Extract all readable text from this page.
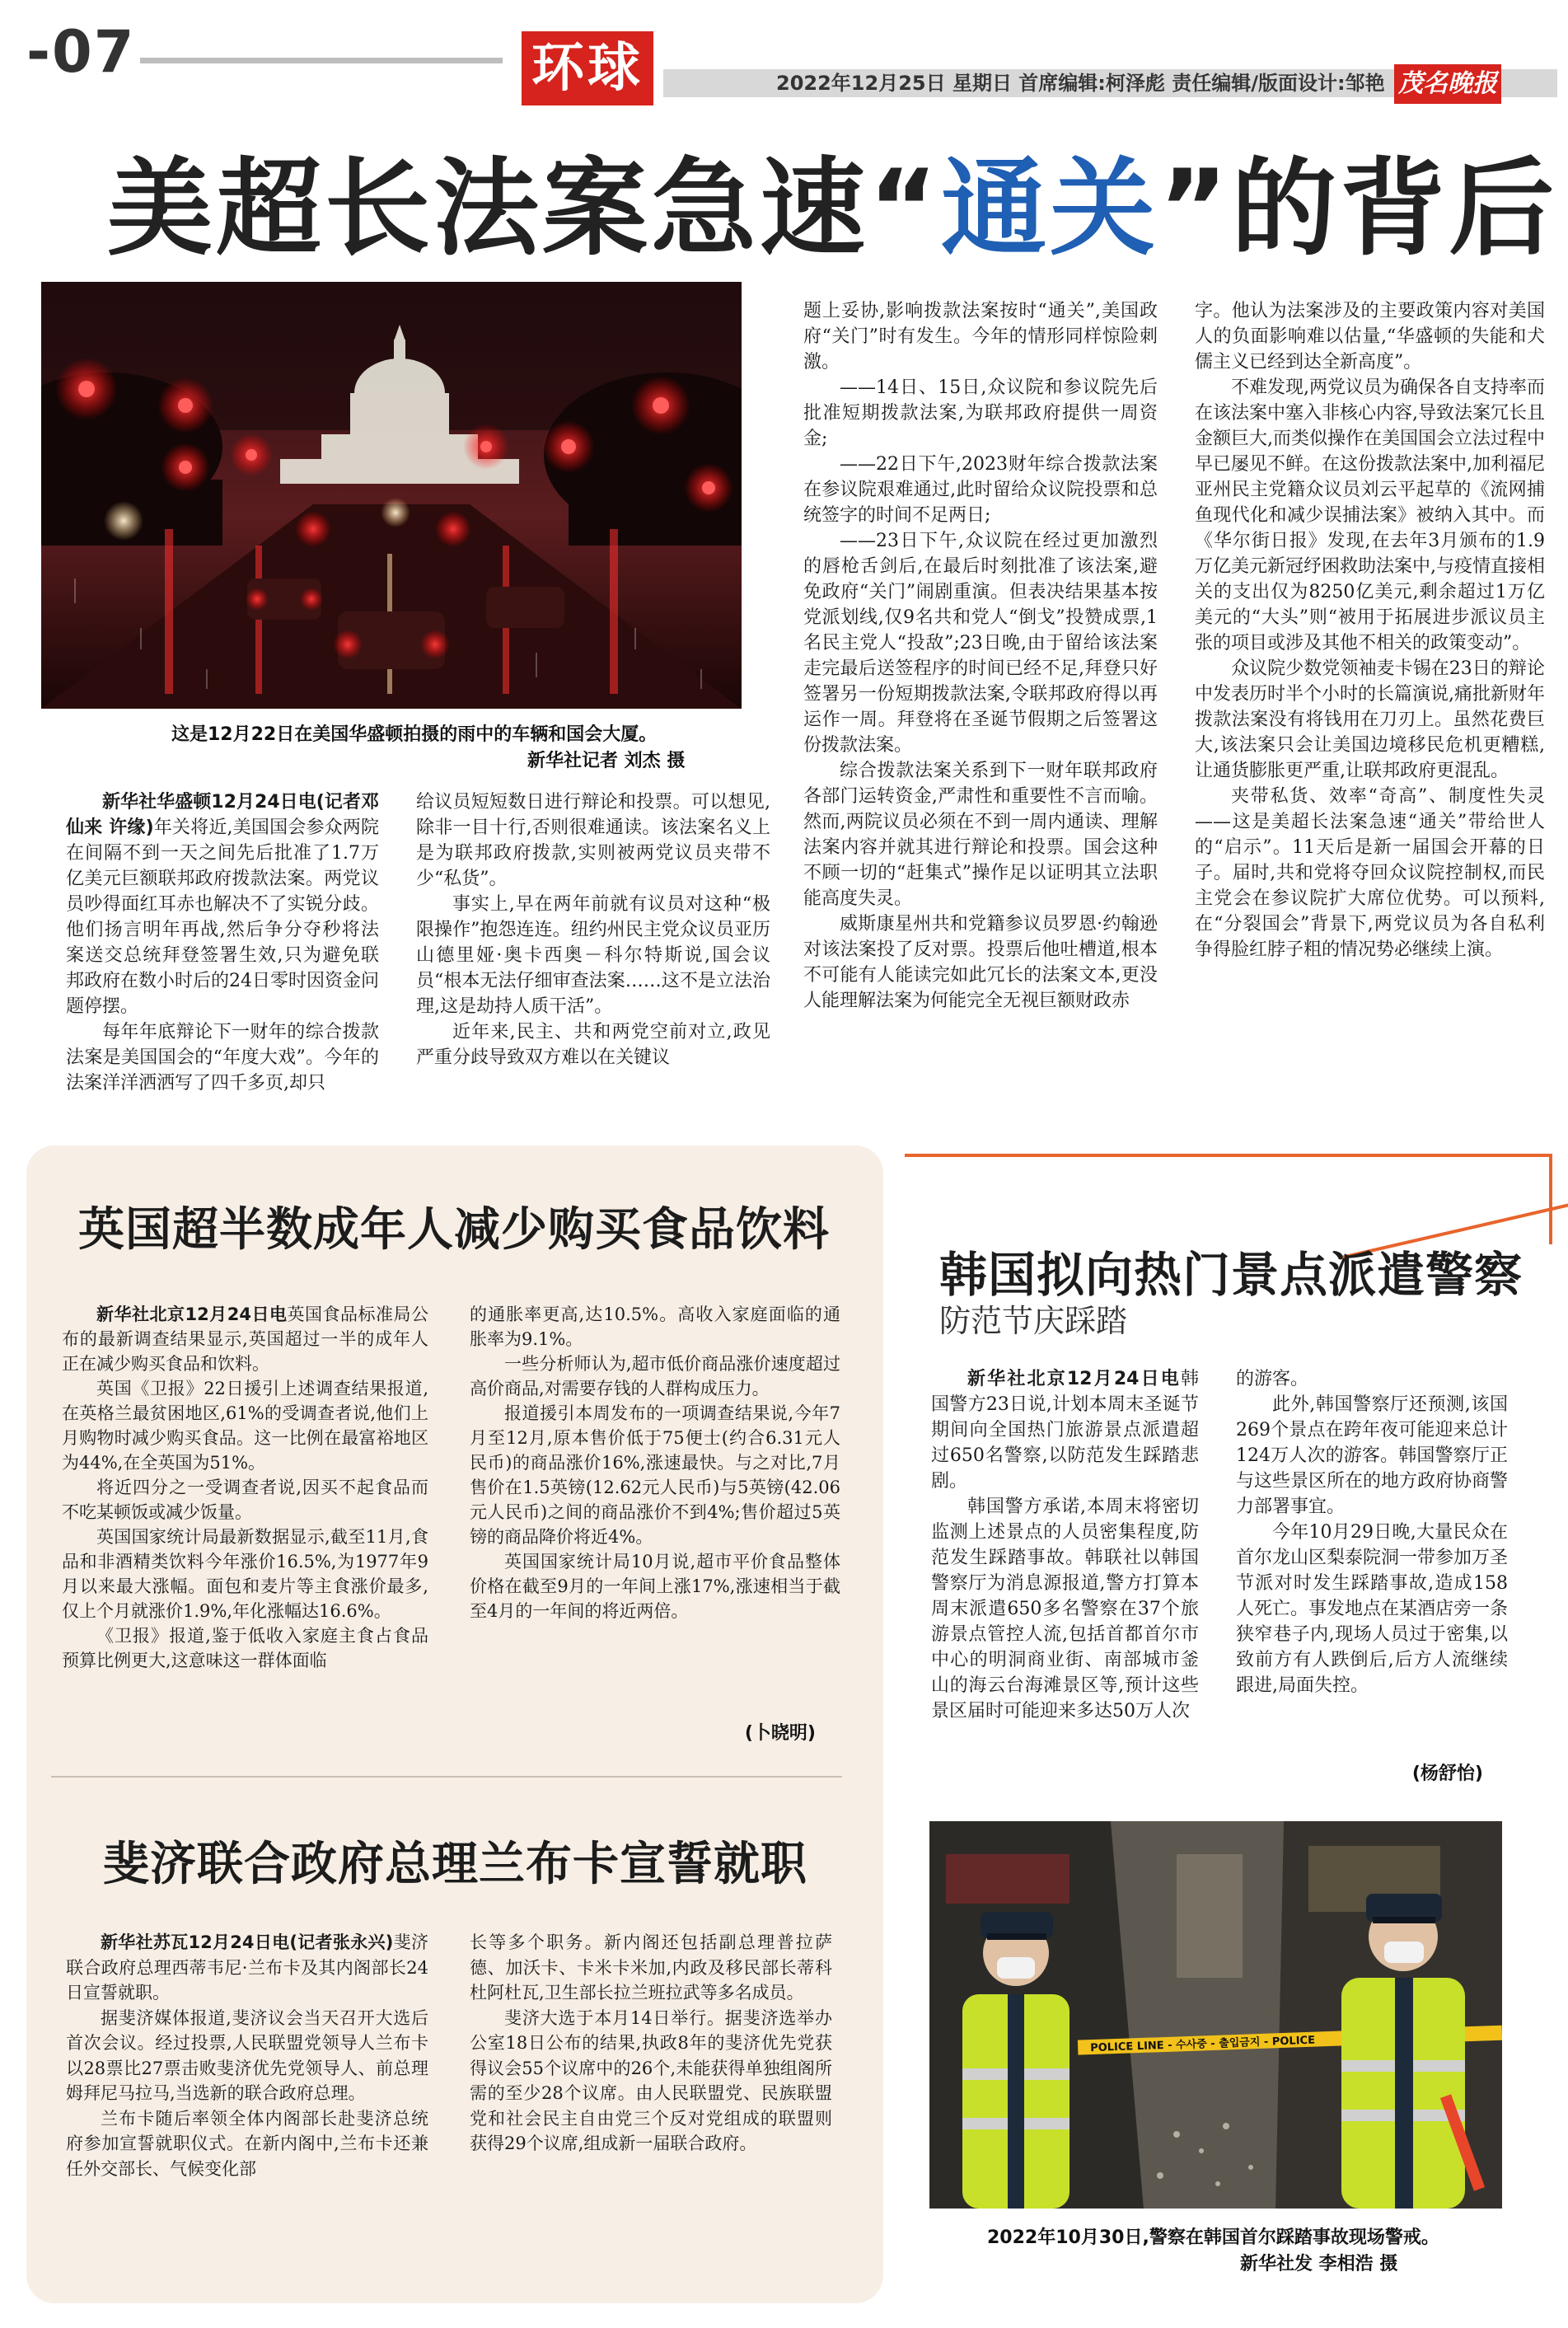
-07	环球	2022年12月25日 星期日 首席编辑:柯泽彪 责任编辑/版面设计:邹艳 茂名晚报
美超长法案急速“通关”的背后
这是12月22日在美国华盛顿拍摄的雨中的车辆和国会大厦。
新华社记者 刘杰 摄

新华社华盛顿12月24日电(记者邓仙来 许缘)年关将近,美国国会参众两院在间隔不到一天之间先后批准了1.7万亿美元巨额联邦政府拨款法案。两党议员吵得面红耳赤也解决不了实锐分歧。他们扬言明年再战,然后争分夺秒将法案送交总统拜登签署生效,只为避免联邦政府在数小时后的24日零时因资金问题停摆。

每年年底辩论下一财年的综合拨款法案是美国国会的“年度大戏”。今年的法案洋洋洒洒写了四千多页,却只

给议员短短数日进行辩论和投票。可以想见,除非一目十行,否则很难通读。该法案名义上是为联邦政府拨款,实则被两党议员夹带不少“私货”。

事实上,早在两年前就有议员对这种“极限操作”抱怨连连。纽约州民主党众议员亚历山德里娅·奥卡西奥－科尔特斯说,国会议员“根本无法仔细审查法案……这不是立法治理,这是劫持人质干活”。

近年来,民主、共和两党空前对立,政见严重分歧导致双方难以在关键议

题上妥协,影响拨款法案按时“通关”,美国政府“关门”时有发生。今年的情形同样惊险刺激。

——14日、15日,众议院和参议院先后批准短期拨款法案,为联邦政府提供一周资金;

——22日下午,2023财年综合拨款法案在参议院艰难通过,此时留给众议院投票和总统签字的时间不足两日;

——23日下午,众议院在经过更加激烈的唇枪舌剑后,在最后时刻批准了该法案,避免政府“关门”闹剧重演。但表决结果基本按党派划线,仅9名共和党人“倒戈”投赞成票,1名民主党人“投敌”;23日晚,由于留给该法案走完最后送签程序的时间已经不足,拜登只好签署另一份短期拨款法案,令联邦政府得以再运作一周。拜登将在圣诞节假期之后签署这份拨款法案。

综合拨款法案关系到下一财年联邦政府各部门运转资金,严肃性和重要性不言而喻。然而,两院议员必须在不到一周内通读、理解法案内容并就其进行辩论和投票。国会这种不顾一切的“赶集式”操作足以证明其立法职能高度失灵。

威斯康星州共和党籍参议员罗恩·约翰逊对该法案投了反对票。投票后他吐槽道,根本不可能有人能读完如此冗长的法案文本,更没人能理解法案为何能完全无视巨额财政赤

字。他认为法案涉及的主要政策内容对美国人的负面影响难以估量,“华盛顿的失能和犬儒主义已经到达全新高度”。

不难发现,两党议员为确保各自支持率而在该法案中塞入非核心内容,导致法案冗长且金额巨大,而类似操作在美国国会立法过程中早已屡见不鲜。在这份拨款法案中,加利福尼亚州民主党籍众议员刘云平起草的《流网捕鱼现代化和减少误捕法案》被纳入其中。而《华尔街日报》发现,在去年3月颁布的1.9万亿美元新冠纾困救助法案中,与疫情直接相关的支出仅为8250亿美元,剩余超过1万亿美元的“大头”则“被用于拓展进步派议员主张的项目或涉及其他不相关的政策变动”。

众议院少数党领袖麦卡锡在23日的辩论中发表历时半个小时的长篇演说,痛批新财年拨款法案没有将钱用在刀刃上。虽然花费巨大,该法案只会让美国边境移民危机更糟糕,让通货膨胀更严重,让联邦政府更混乱。

夹带私货、效率“奇高”、制度性失灵——这是美超长法案急速“通关”带给世人的“启示”。11天后是新一届国会开幕的日子。届时,共和党将夺回众议院控制权,而民主党会在参议院扩大席位优势。可以预料,在“分裂国会”背景下,两党议员为各自私利争得脸红脖子粗的情况势必继续上演。

英国超半数成年人减少购买食品饮料

新华社北京12月24日电英国食品标准局公布的最新调查结果显示,英国超过一半的成年人正在减少购买食品和饮料。

英国《卫报》22日援引上述调查结果报道,在英格兰最贫困地区,61%的受调查者说,他们上月购物时减少购买食品。这一比例在最富裕地区为44%,在全英国为51%。

将近四分之一受调查者说,因买不起食品而不吃某顿饭或减少饭量。

英国国家统计局最新数据显示,截至11月,食品和非酒精类饮料今年涨价16.5%,为1977年9月以来最大涨幅。面包和麦片等主食涨价最多,仅上个月就涨价1.9%,年化涨幅达16.6%。

《卫报》报道,鉴于低收入家庭主食占食品预算比例更大,这意味这一群体面临

的通胀率更高,达10.5%。高收入家庭面临的通胀率为9.1%。

一些分析师认为,超市低价商品涨价速度超过高价商品,对需要存钱的人群构成压力。

报道援引本周发布的一项调查结果说,今年7月至12月,原本售价低于75便士(约合6.31元人民币)的商品涨价16%,涨速最快。与之对比,7月售价在1.5英镑(12.62元人民币)与5英镑(42.06元人民币)之间的商品涨价不到4%;售价超过5英镑的商品降价将近4%。

英国国家统计局10月说,超市平价食品整体价格在截至9月的一年间上涨17%,涨速相当于截至4月的一年间的将近两倍。

(卜晓明)
斐济联合政府总理兰布卡宣誓就职

新华社苏瓦12月24日电(记者张永兴)斐济联合政府总理西蒂韦尼·兰布卡及其内阁部长24日宣誓就职。

据斐济媒体报道,斐济议会当天召开大选后首次会议。经过投票,人民联盟党领导人兰布卡以28票比27票击败斐济优先党领导人、前总理姆拜尼马拉马,当选新的联合政府总理。

兰布卡随后率领全体内阁部长赴斐济总统府参加宣誓就职仪式。在新内阁中,兰布卡还兼任外交部长、气候变化部

长等多个职务。新内阁还包括副总理普拉萨德、加沃卡、卡米卡米加,内政及移民部长蒂科杜阿杜瓦,卫生部长拉兰班拉武等多名成员。

斐济大选于本月14日举行。据斐济选举办公室18日公布的结果,执政8年的斐济优先党获得议会55个议席中的26个,未能获得单独组阁所需的至少28个议席。由人民联盟党、民族联盟党和社会民主自由党三个反对党组成的联盟则获得29个议席,组成新一届联合政府。

韩国拟向热门景点派遣警察
防范节庆踩踏

新华社北京12月24日电韩国警方23日说,计划本周末圣诞节期间向全国热门旅游景点派遣超过650名警察,以防范发生踩踏悲剧。

韩国警方承诺,本周末将密切监测上述景点的人员密集程度,防范发生踩踏事故。韩联社以韩国警察厅为消息源报道,警方打算本周末派遣650多名警察在37个旅游景点管控人流,包括首都首尔市中心的明洞商业街、南部城市釜山的海云台海滩景区等,预计这些景区届时可能迎来多达50万人次

的游客。

此外,韩国警察厅还预测,该国269个景点在跨年夜可能迎来总计124万人次的游客。韩国警察厅正与这些景区所在的地方政府协商警力部署事宜。

今年10月29日晚,大量民众在首尔龙山区梨泰院洞一带参加万圣节派对时发生踩踏事故,造成158人死亡。事发地点在某酒店旁一条狭窄巷子内,现场人员过于密集,以致前方有人跌倒后,后方人流继续跟进,局面失控。

(杨舒怡)
POLICE LINE - 수사중 - 출입금지 - POLICE
2022年10月30日,警察在韩国首尔踩踏事故现场警戒。
新华社发 李相浩 摄
